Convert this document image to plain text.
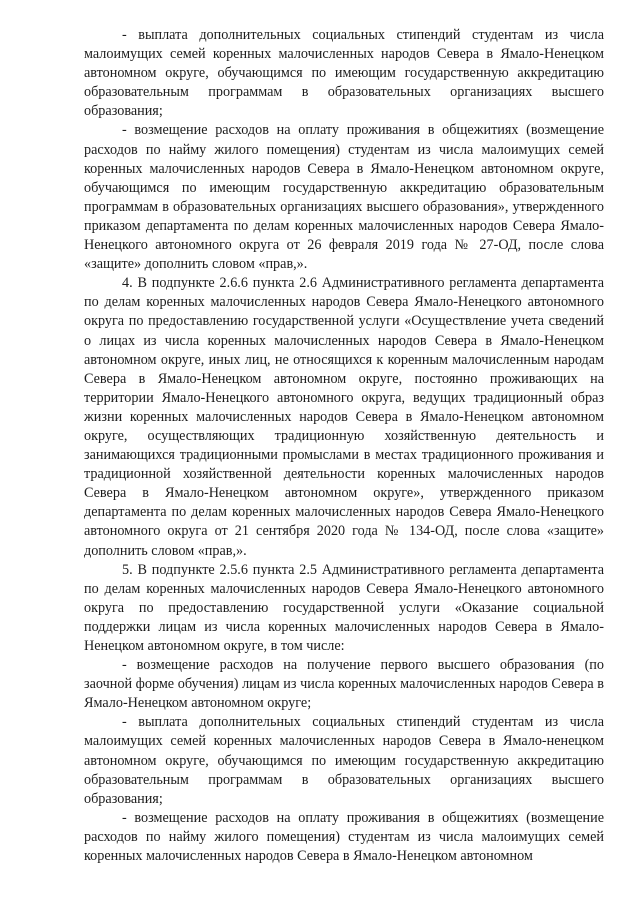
- выплата дополнительных социальных стипендий студентам из числа малоимущих семей коренных малочисленных народов Севера в Ямало-Ненецком автономном округе, обучающимся по имеющим государственную аккредитацию образовательным программам в образовательных организациях высшего образования;

- возмещение расходов на оплату проживания в общежитиях (возмещение расходов по найму жилого помещения) студентам из числа малоимущих семей коренных малочисленных народов Севера в Ямало-Ненецком автономном округе, обучающимся по имеющим государственную аккредитацию образовательным программам в образовательных организациях высшего образования», утвержденного приказом департамента по делам коренных малочисленных народов Севера Ямало-Ненецкого автономного округа от 26 февраля 2019 года № 27-ОД, после слова «защите» дополнить словом «прав,».

4. В подпункте 2.6.6 пункта 2.6 Административного регламента департамента по делам коренных малочисленных народов Севера Ямало-Ненецкого автономного округа по предоставлению государственной услуги «Осуществление учета сведений о лицах из числа коренных малочисленных народов Севера в Ямало-Ненецком автономном округе, иных лиц, не относящихся к коренным малочисленным народам Севера в Ямало-Ненецком автономном округе, постоянно проживающих на территории Ямало-Ненецкого автономного округа, ведущих традиционный образ жизни коренных малочисленных народов Севера в Ямало-Ненецком автономном округе, осуществляющих традиционную хозяйственную деятельность и занимающихся традиционными промыслами в местах традиционного проживания и традиционной хозяйственной деятельности коренных малочисленных народов Севера в Ямало-Ненецком автономном округе», утвержденного приказом департамента по делам коренных малочисленных народов Севера Ямало-Ненецкого автономного округа от 21 сентября 2020 года № 134-ОД, после слова «защите» дополнить словом «прав,».

5. В подпункте 2.5.6 пункта 2.5 Административного регламента департамента по делам коренных малочисленных народов Севера Ямало-Ненецкого автономного округа по предоставлению государственной услуги «Оказание социальной поддержки лицам из числа коренных малочисленных народов Севера в Ямало-Ненецком автономном округе, в том числе:

- возмещение расходов на получение первого высшего образования (по заочной форме обучения) лицам из числа коренных малочисленных народов Севера в Ямало-Ненецком автономном округе;

- выплата дополнительных социальных стипендий студентам из числа малоимущих семей коренных малочисленных народов Севера в Ямало-ненецком автономном округе, обучающимся по имеющим государственную аккредитацию образовательным программам в образовательных организациях высшего образования;

- возмещение расходов на оплату проживания в общежитиях (возмещение расходов по найму жилого помещения) студентам из числа малоимущих семей коренных малочисленных народов Севера в Ямало-Ненецком автономном
